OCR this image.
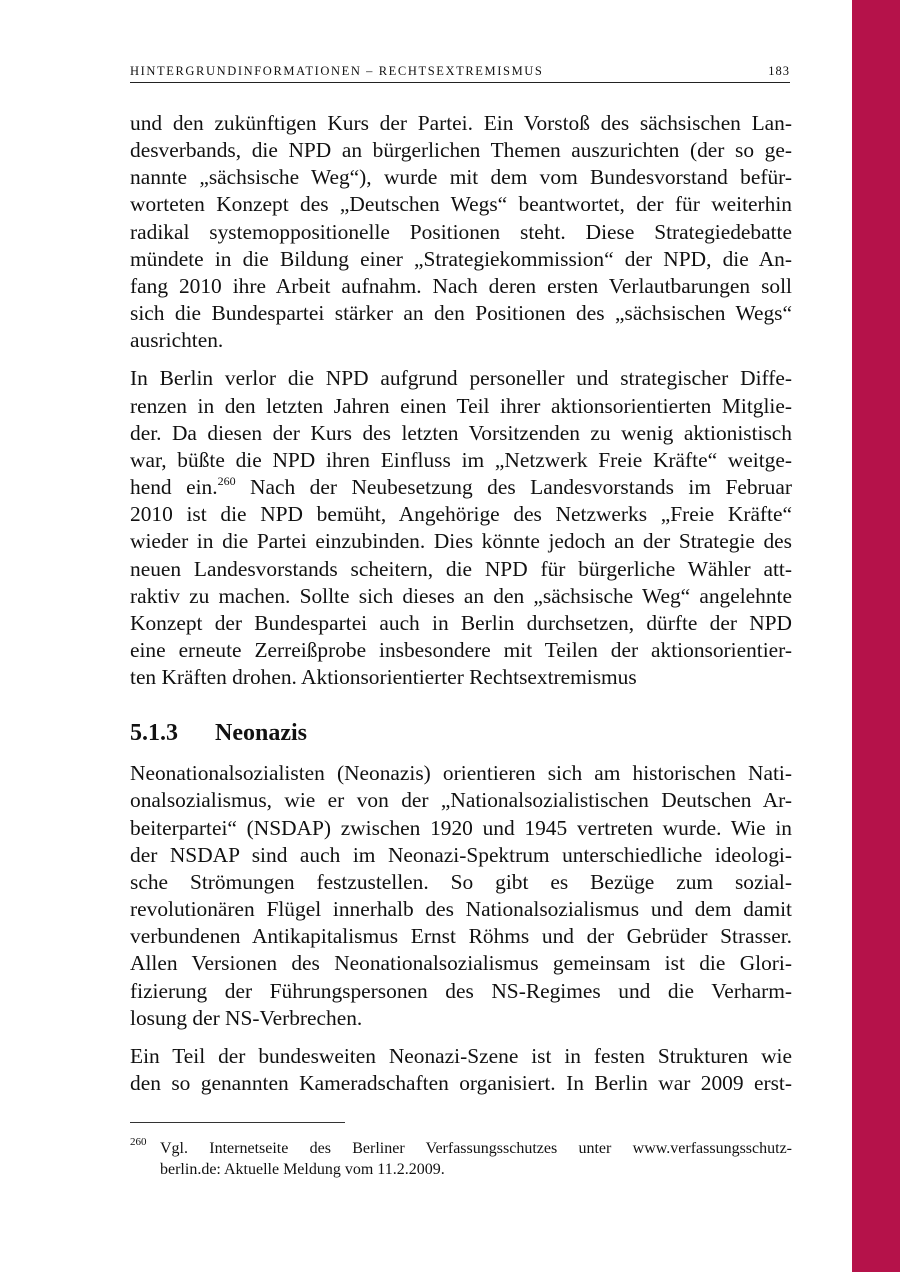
HINTERGRUNDINFORMATIONEN – RECHTSEXTREMISMUS	183

und den zukünftigen Kurs der Partei. Ein Vorstoß des sächsischen Lan-
desverbands, die NPD an bürgerlichen Themen auszurichten (der so ge-
nannte „sächsische Weg“), wurde mit dem vom Bundesvorstand befür-
worteten Konzept des „Deutschen Wegs“ beantwortet, der für weiterhin
radikal systemoppositionelle Positionen steht. Diese Strategiedebatte
mündete in die Bildung einer „Strategiekommission“ der NPD, die An-
fang 2010 ihre Arbeit aufnahm. Nach deren ersten Verlautbarungen soll
sich die Bundespartei stärker an den Positionen des „sächsischen Wegs“
ausrichten.

In Berlin verlor die NPD aufgrund personeller und strategischer Diffe-
renzen in den letzten Jahren einen Teil ihrer aktionsorientierten Mitglie-
der. Da diesen der Kurs des letzten Vorsitzenden zu wenig aktionistisch
war, büßte die NPD ihren Einfluss im „Netzwerk Freie Kräfte“ weitge-
hend ein.$^{260}$ Nach der Neubesetzung des Landesvorstands im Februar
2010 ist die NPD bemüht, Angehörige des Netzwerks „Freie Kräfte“
wieder in die Partei einzubinden. Dies könnte jedoch an der Strategie des
neuen Landesvorstands scheitern, die NPD für bürgerliche Wähler att-
raktiv zu machen. Sollte sich dieses an den „sächsische Weg“ angelehnte
Konzept der Bundespartei auch in Berlin durchsetzen, dürfte der NPD
eine erneute Zerreißprobe insbesondere mit Teilen der aktionsorientier-
ten Kräften drohen. Aktionsorientierter Rechtsextremismus

5.1.3 Neonazis

Neonationalsozialisten (Neonazis) orientieren sich am historischen Nati-
onalsozialismus, wie er von der „Nationalsozialistischen Deutschen Ar-
beiterpartei“ (NSDAP) zwischen 1920 und 1945 vertreten wurde. Wie in
der NSDAP sind auch im Neonazi-Spektrum unterschiedliche ideologi-
sche Strömungen festzustellen. So gibt es Bezüge zum sozial-
revolutionären Flügel innerhalb des Nationalsozialismus und dem damit
verbundenen Antikapitalismus Ernst Röhms und der Gebrüder Strasser.
Allen Versionen des Neonationalsozialismus gemeinsam ist die Glori-
fizierung der Führungspersonen des NS-Regimes und die Verharm-
losung der NS-Verbrechen.

Ein Teil der bundesweiten Neonazi-Szene ist in festen Strukturen wie
den so genannten Kameradschaften organisiert. In Berlin war 2009 erst-

260 Vgl. Internetseite des Berliner Verfassungsschutzes unter www.verfassungsschutz-
berlin.de: Aktuelle Meldung vom 11.2.2009.
